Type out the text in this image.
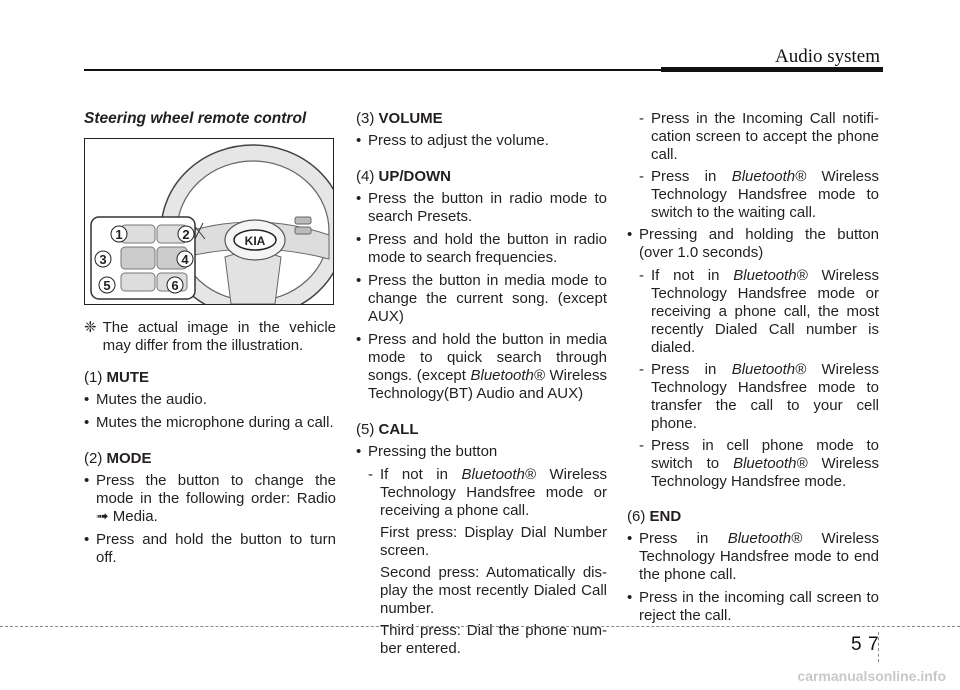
Audio system
Steering wheel remote control
KIA
1	2
3	4
5	6
❈ The actual image in the vehicle may differ from the illustration.
(1) MUTE
• Mutes the audio.
• Mutes the microphone during a call.
(2) MODE
• Press the button to change the mode in the following order: Radio ➟ Media.
• Press and hold the button to turn off.
(3) VOLUME
• Press to adjust the volume.
(4) UP/DOWN
• Press the button in radio mode to search Presets.
• Press and hold the button in radio mode to search frequencies.
• Press the button in media mode to change the current song. (except AUX)
• Press and hold the button in media mode to quick search through songs. (except Bluetooth® Wireless Technology(BT) Audio and AUX)
(5) CALL
• Pressing the button
- If not in Bluetooth® Wireless Technology Handsfree mode or receiving a phone call.
First press: Display Dial Number screen.
Second press: Automatically dis-play the most recently Dialed Call number.
Third press: Dial the phone num-ber entered.
- Press in the Incoming Call notifi-cation screen to accept the phone call.
- Press in Bluetooth® Wireless Technology Handsfree mode to switch to the waiting call.
• Pressing and holding the button (over 1.0 seconds)
- If not in Bluetooth® Wireless Technology Handsfree mode or receiving a phone call, the most recently Dialed Call number is dialed.
- Press in Bluetooth® Wireless Technology Handsfree mode to transfer the call to your cell phone.
- Press in cell phone mode to switch to Bluetooth® Wireless Technology Handsfree mode.
(6) END
• Press in Bluetooth® Wireless Technology Handsfree mode to end the phone call.
• Press in the incoming call screen to reject the call.
5 7
carmanualsonline.info
